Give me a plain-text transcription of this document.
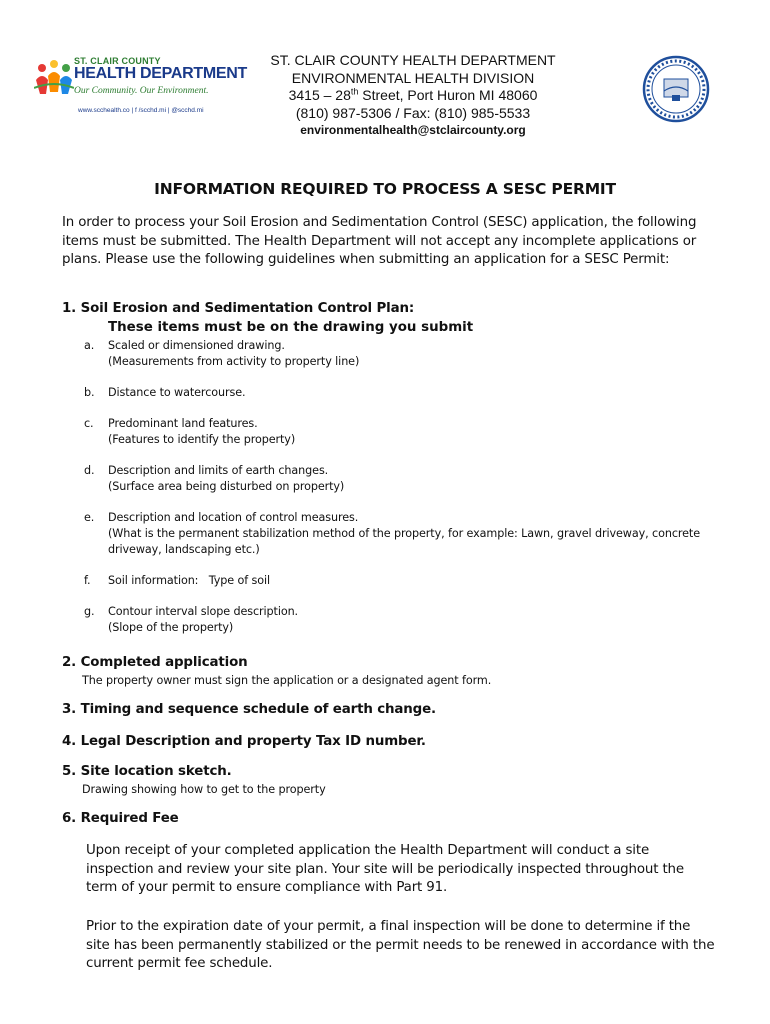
ST. CLAIR COUNTY
HEALTH DEPARTMENT
Our Community. Our Environment.
www.scchealth.co | f /scchd.mi | @scchd.mi
ST. CLAIR COUNTY HEALTH DEPARTMENT
ENVIRONMENTAL HEALTH DIVISION
3415 – 28th Street, Port Huron MI 48060
(810) 987-5306 / Fax: (810) 985-5533
environmentalhealth@stclaircounty.org
INFORMATION REQUIRED TO PROCESS A SESC PERMIT
In order to process your Soil Erosion and Sedimentation Control (SESC) application, the following items must be submitted. The Health Department will not accept any incomplete applications or plans. Please use the following guidelines when submitting an application for a SESC Permit:
1. Soil Erosion and Sedimentation Control Plan:
These items must be on the drawing you submit
a. Scaled or dimensioned drawing.
(Measurements from activity to property line)
b. Distance to watercourse.
c. Predominant land features.
(Features to identify the property)
d. Description and limits of earth changes.
(Surface area being disturbed on property)
e. Description and location of control measures.
(What is the permanent stabilization method of the property, for example: Lawn, gravel driveway, concrete driveway, landscaping etc.)
f. Soil information:   Type of soil
g. Contour interval slope description.
(Slope of the property)
2. Completed application
The property owner must sign the application or a designated agent form.
3. Timing and sequence schedule of earth change.
4. Legal Description and property Tax ID number.
5. Site location sketch.
Drawing showing how to get to the property
6. Required Fee
Upon receipt of your completed application the Health Department will conduct a site inspection and review your site plan. Your site will be periodically inspected throughout the term of your permit to ensure compliance with Part 91.
Prior to the expiration date of your permit, a final inspection will be done to determine if the site has been permanently stabilized or the permit needs to be renewed in accordance with the current permit fee schedule.
